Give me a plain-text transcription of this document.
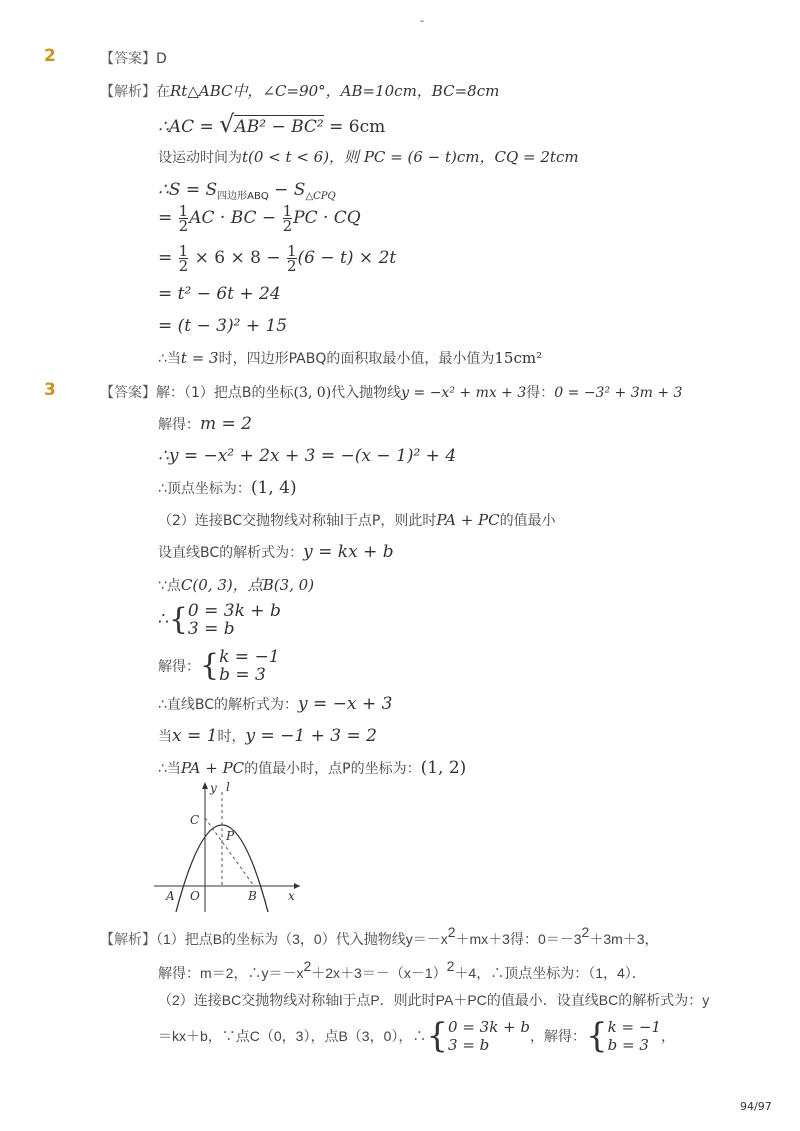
-
2	【答案】D
【解析】在Rt△ABC中，∠C=90°，AB=10cm，BC=8cm
∴AC = √AB² − BC² = 6cm
设运动时间为t(0 < t < 6)，则 PC = (6 − t)cm，CQ = 2tcm
∴S = $S_{四边形ABQ} - S_{\triangle CPQ}$
= $\frac{1}{2}$ AC · BC − $\frac{1}{2}$ PC · CQ
= $\frac{1}{2} \times 6 \times 8 - \frac{1}{2} (6 - t) \times 2t$
= t² − 6t + 24
= (t − 3)² + 15
∴当t = 3时，四边形PABQ的面积取最小值，最小值为15cm²
3	【答案】解：（1）把点B的坐标(3, 0)代入抛物线y = −x² + mx + 3得：0 = −3² + 3m + 3
解得：m = 2
∴y = −x² + 2x + 3 = −(x − 1)² + 4
∴顶点坐标为：(1, 4)
（2）连接BC交抛物线对称轴l于点P，则此时PA + PC的值最小
设直线BC的解析式为：y = kx + b
∵点C(0, 3)，点B(3, 0)
∴{ 0 = 3k + b
3 = b
解得：{ k = −1
b = 3
∴直线BC的解析式为：y = −x + 3
当x = 1时，y = −1 + 3 = 2
∴当PA + PC的值最小时，点P的坐标为：(1, 2)
y l
C
P
A O	B	x
【解析】（1）把点B的坐标为（3，0）代入抛物线y＝－x2＋mx＋3得：0＝－32＋3m＋3，
解得：m＝2，∴y＝－x2＋2x＋3＝－（x－1）2＋4，∴顶点坐标为：（1，4）．
（2）连接BC交抛物线对称轴l于点P．则此时PA＋PC的值最小．设直线BC的解析式为：y
＝kx＋b，∵点C（0，3），点B（3，0），∴{ 0 = 3k + b
3 = b	，解得：{ k = −1
b = 3 ，
94/97
